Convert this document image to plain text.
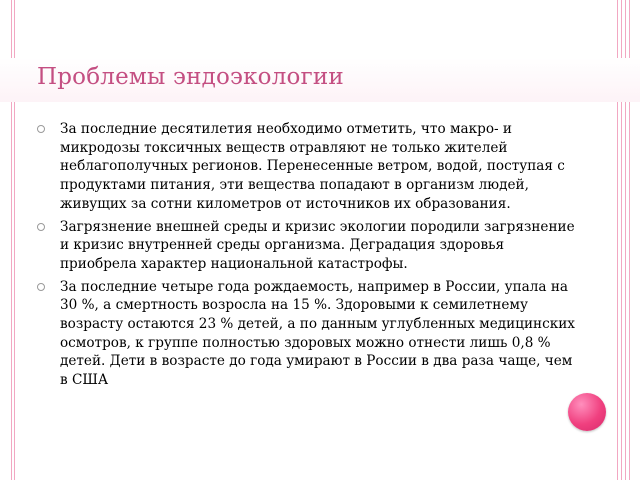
Проблемы эндоэкологии
За последние десятилетия необходимо отметить, что макро- и микродозы токсичных веществ отравляют не только жителей неблагополучных регионов. Перенесенные ветром, водой, поступая с продуктами питания, эти вещества попадают в организм людей, живущих за сотни километров от источников их образования.
Загрязнение внешней среды и кризис экологии породили загрязнение и кризис внутренней среды организма. Деградация здоровья приобрела характер национальной катастрофы.
За последние четыре года рождаемость, например в России, упала на 30 %, а смертность возросла на 15 %. Здоровыми к семилетнему возрасту остаются 23 % детей, а по данным углубленных медицинских осмотров, к группе полностью здоровых можно отнести лишь 0,8 % детей. Дети в возрасте до года умирают в России в два раза чаще, чем в США
